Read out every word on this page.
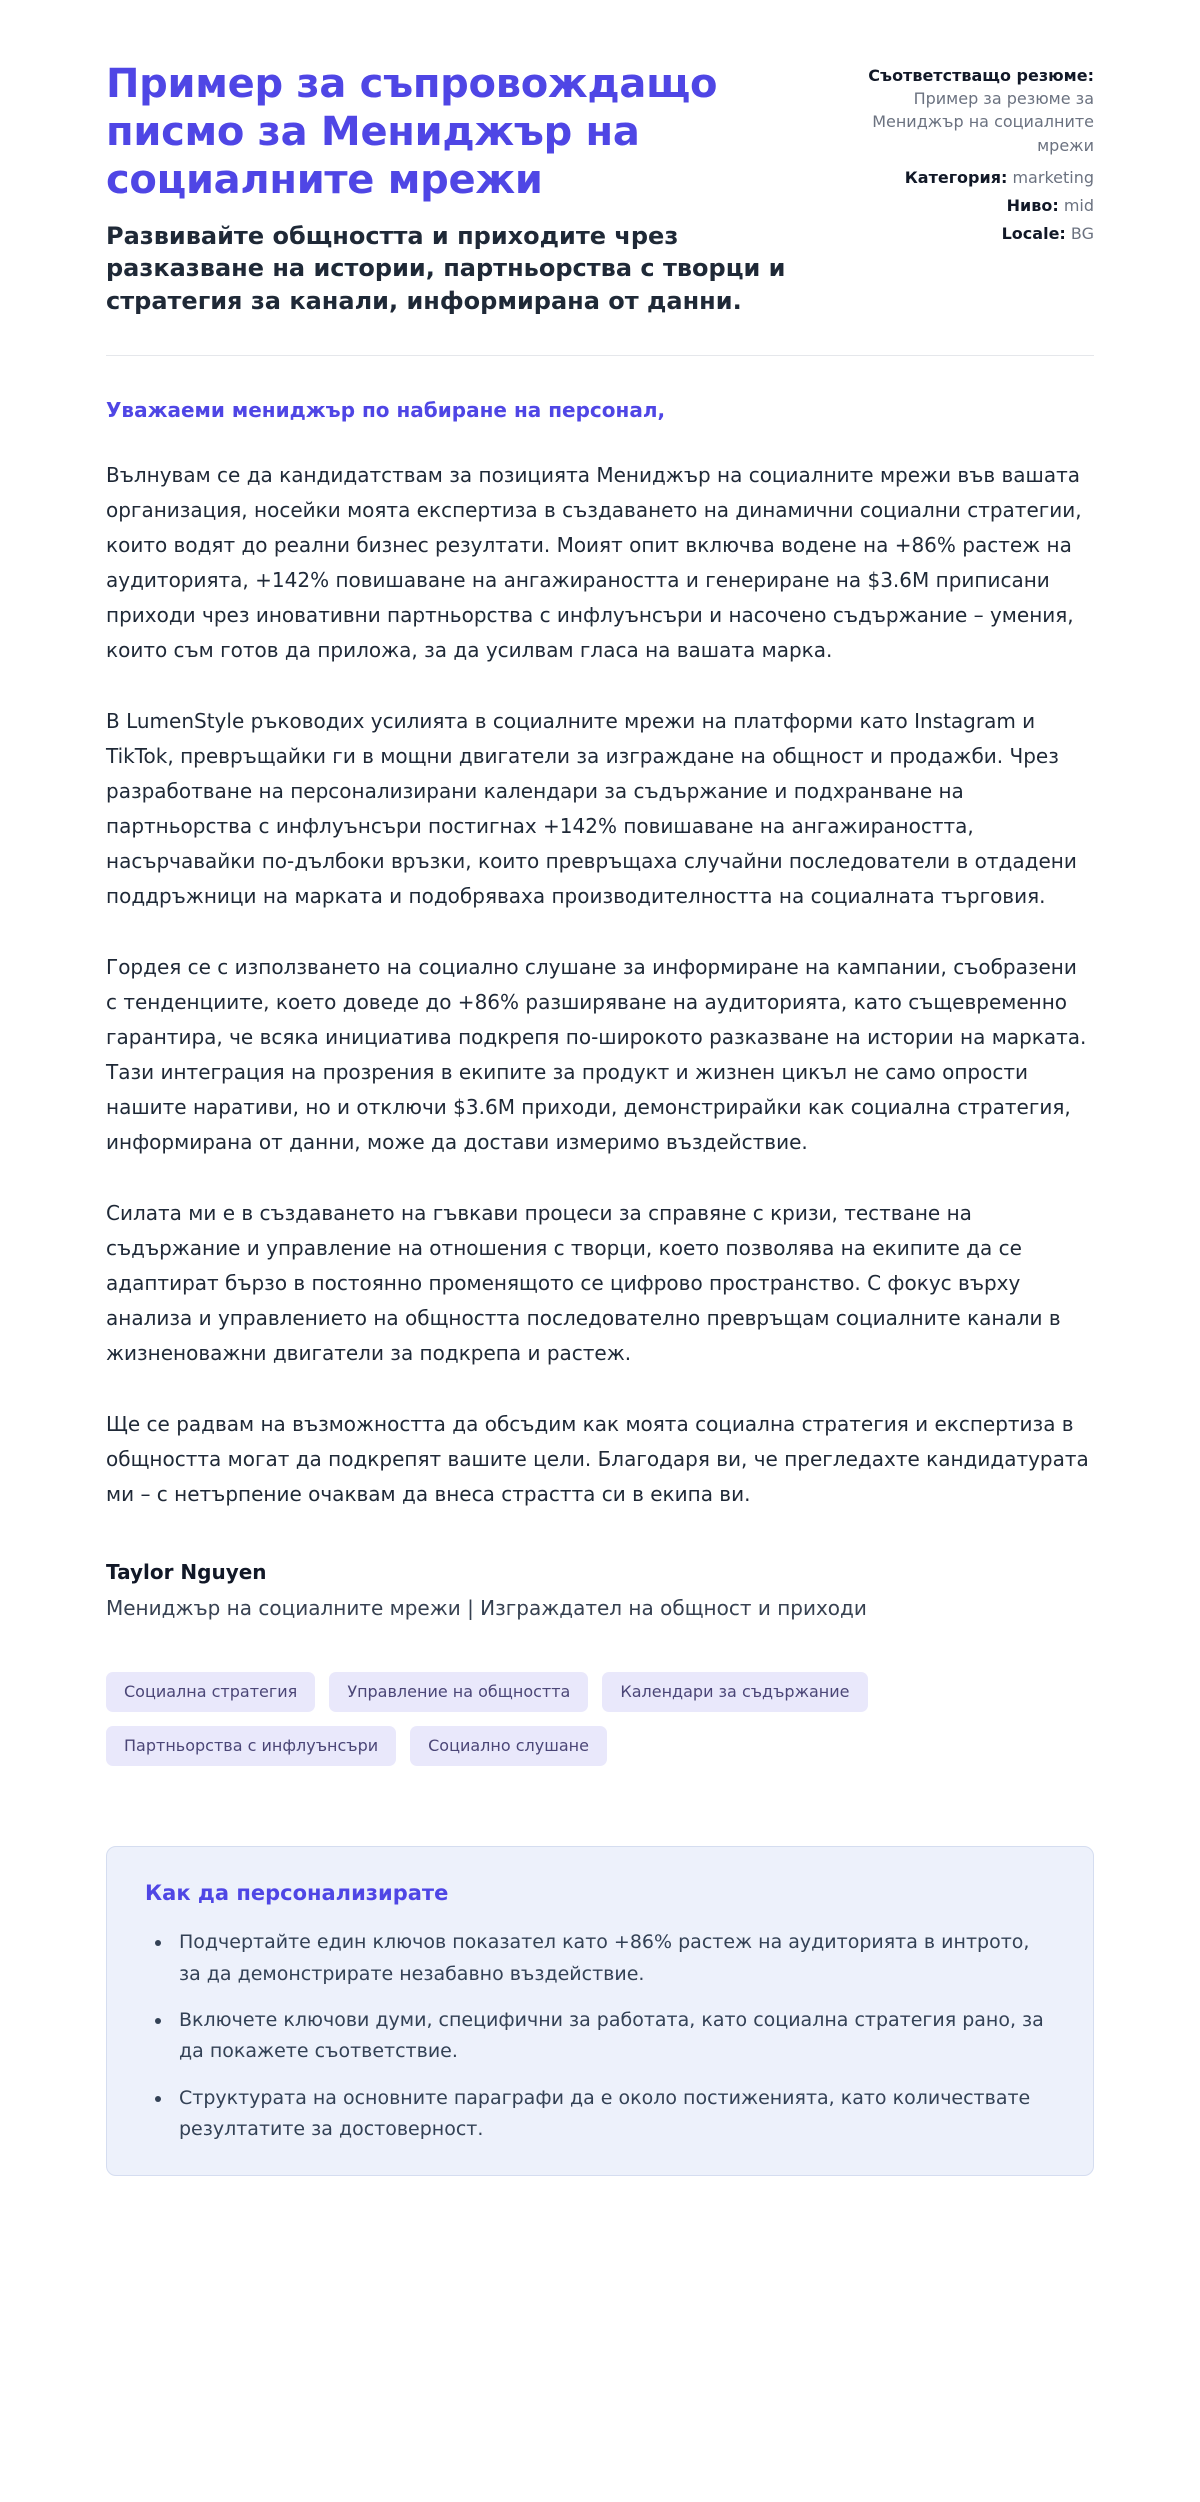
Пример за съпровождащо писмо за Мениджър на социалните мрежи

Развивайте общността и приходите чрез разказване на истории, партньорства с творци и стратегия за канали, информирана от данни.

Съответстващо резюме:
Пример за резюме за Мениджър на социалните мрежи
Категория: marketing
Ниво: mid
Locale: BG

Уважаеми мениджър по набиране на персонал,

Вълнувам се да кандидатствам за позицията Мениджър на социалните мрежи във вашата организация, носейки моята експертиза в създаването на динамични социални стратегии, които водят до реални бизнес резултати. Моият опит включва водене на +86% растеж на аудиторията, +142% повишаване на ангажираността и генериране на $3.6M приписани приходи чрез иновативни партньорства с инфлуънсъри и насочено съдържание – умения, които съм готов да приложа, за да усилвам гласа на вашата марка.

В LumenStyle ръководих усилията в социалните мрежи на платформи като Instagram и TikTok, превръщайки ги в мощни двигатели за изграждане на общност и продажби. Чрез разработване на персонализирани календари за съдържание и подхранване на партньорства с инфлуънсъри постигнах +142% повишаване на ангажираността, насърчавайки по-дълбоки връзки, които превръщаха случайни последователи в отдадени поддръжници на марката и подобряваха производителността на социалната търговия.

Гордея се с използването на социално слушане за информиране на кампании, съобразени с тенденциите, което доведе до +86% разширяване на аудиторията, като същевременно гарантира, че всяка инициатива подкрепя по-широкото разказване на истории на марката. Тази интеграция на прозрения в екипите за продукт и жизнен цикъл не само опрости нашите наративи, но и отключи $3.6M приходи, демонстрирайки как социална стратегия, информирана от данни, може да достави измеримо въздействие.

Силата ми е в създаването на гъвкави процеси за справяне с кризи, тестване на съдържание и управление на отношения с творци, което позволява на екипите да се адаптират бързо в постоянно променящото се цифрово пространство. С фокус върху анализа и управлението на общността последователно превръщам социалните канали в жизненоважни двигатели за подкрепа и растеж.

Ще се радвам на възможността да обсъдим как моята социална стратегия и експертиза в общността могат да подкрепят вашите цели. Благодаря ви, че прегледахте кандидатурата ми – с нетърпение очаквам да внеса страстта си в екипа ви.

Taylor Nguyen

Мениджър на социалните мрежи | Изграждател на общност и приходи

Социална стратегия	Управление на общността	Календари за съдържание
Партньорства с инфлуънсъри	Социално слушане
Как да персонализирате
• Подчертайте един ключов показател като +86% растеж на аудиторията в интрото, за да демонстрирате незабавно въздействие.
• Включете ключови думи, специфични за работата, като социална стратегия рано, за да покажете съответствие.
• Структурата на основните параграфи да е около постиженията, като количествате резултатите за достоверност.
